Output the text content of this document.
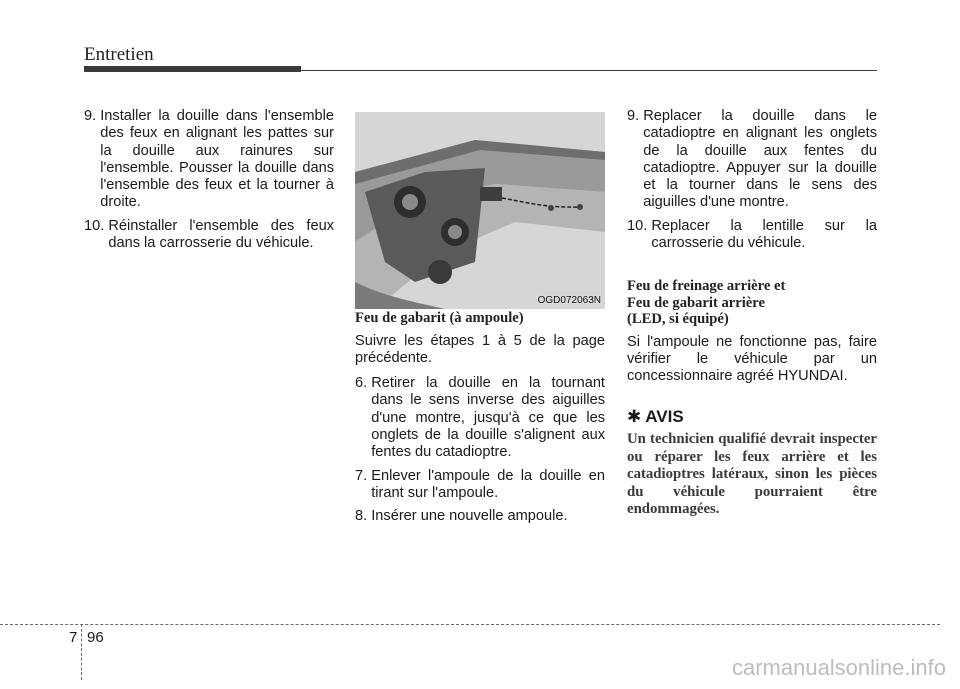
Entretien
9. Installer la douille dans l'ensemble des feux en alignant les pattes sur la douille aux rainures sur l'ensemble. Pousser la douille dans l'ensemble des feux et la tourner à droite.
10. Réinstaller l'ensemble des feux dans la carrosserie du véhicule.
OGD072063N
Feu de gabarit (à ampoule)

Suivre les étapes 1 à 5 de la page précédente.

6. Retirer la douille en la tournant dans le sens inverse des aiguilles d'une montre, jusqu'à ce que les onglets de la douille s'alignent aux fentes du catadioptre.
7. Enlever l'ampoule de la douille en tirant sur l'ampoule.
8. Insérer une nouvelle ampoule.
9. Replacer la douille dans le catadioptre en alignant les onglets de la douille aux fentes du catadioptre. Appuyer sur la douille et la tourner dans le sens des aiguilles d'une montre.
10. Replacer la lentille sur la carrosserie du véhicule.
Feu de freinage arrière et
Feu de gabarit arrière
(LED, si équipé)

Si l'ampoule ne fonctionne pas, faire vérifier le véhicule par un concessionnaire agréé HYUNDAI.

✱ AVIS

Un technicien qualifié devrait inspecter ou réparer les feux arrière et les catadioptres latéraux, sinon les pièces du véhicule pourraient être endommagées.

7 96
carmanualsonline.info
